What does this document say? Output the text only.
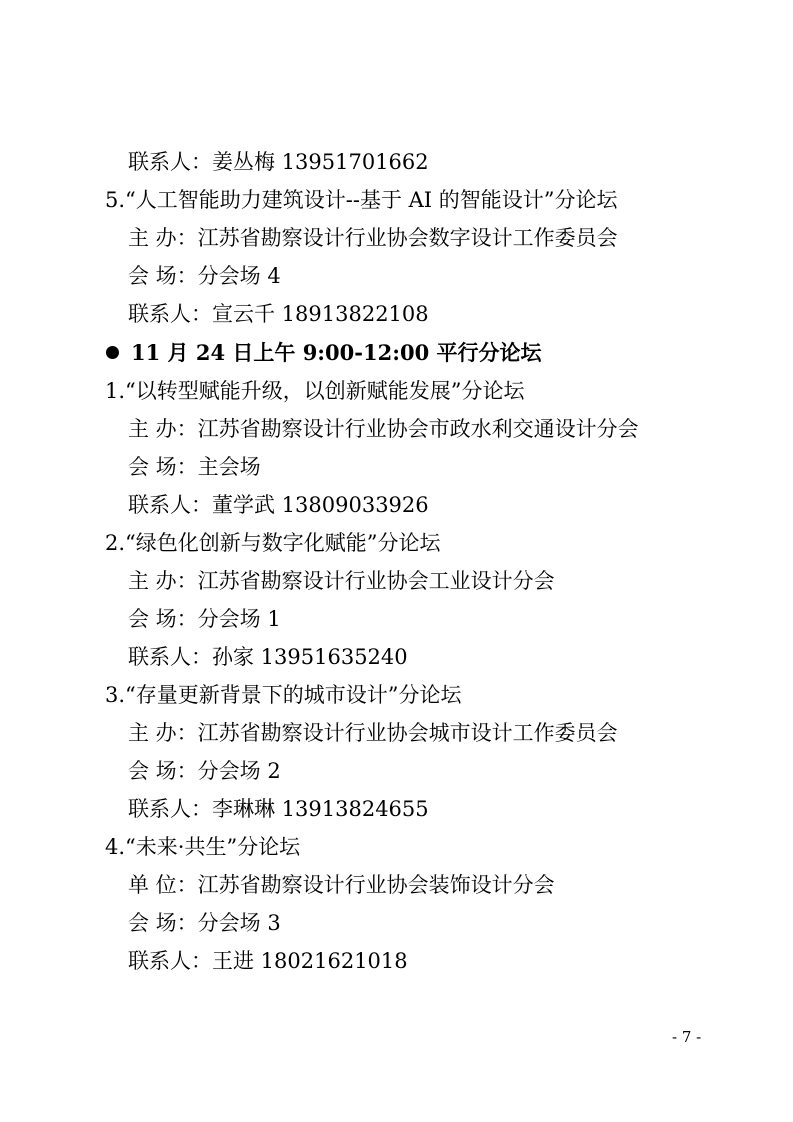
联系人：姜丛梅 13951701662
5.“人工智能助力建筑设计--基于 AI 的智能设计”分论坛
主 办：江苏省勘察设计行业协会数字设计工作委员会
会 场：分会场 4
联系人：宣云千 18913822108
11 月 24 日上午 9:00-12:00 平行分论坛
1.“以转型赋能升级，以创新赋能发展”分论坛
主 办：江苏省勘察设计行业协会市政水利交通设计分会
会 场：主会场
联系人：董学武 13809033926
2.“绿色化创新与数字化赋能”分论坛
主 办：江苏省勘察设计行业协会工业设计分会
会 场：分会场 1
联系人：孙家 13951635240
3.“存量更新背景下的城市设计”分论坛
主 办：江苏省勘察设计行业协会城市设计工作委员会
会 场：分会场 2
联系人：李琳琳 13913824655
4.“未来·共生”分论坛
单 位：江苏省勘察设计行业协会装饰设计分会
会 场：分会场 3
联系人：王进 18021621018
- 7 -
